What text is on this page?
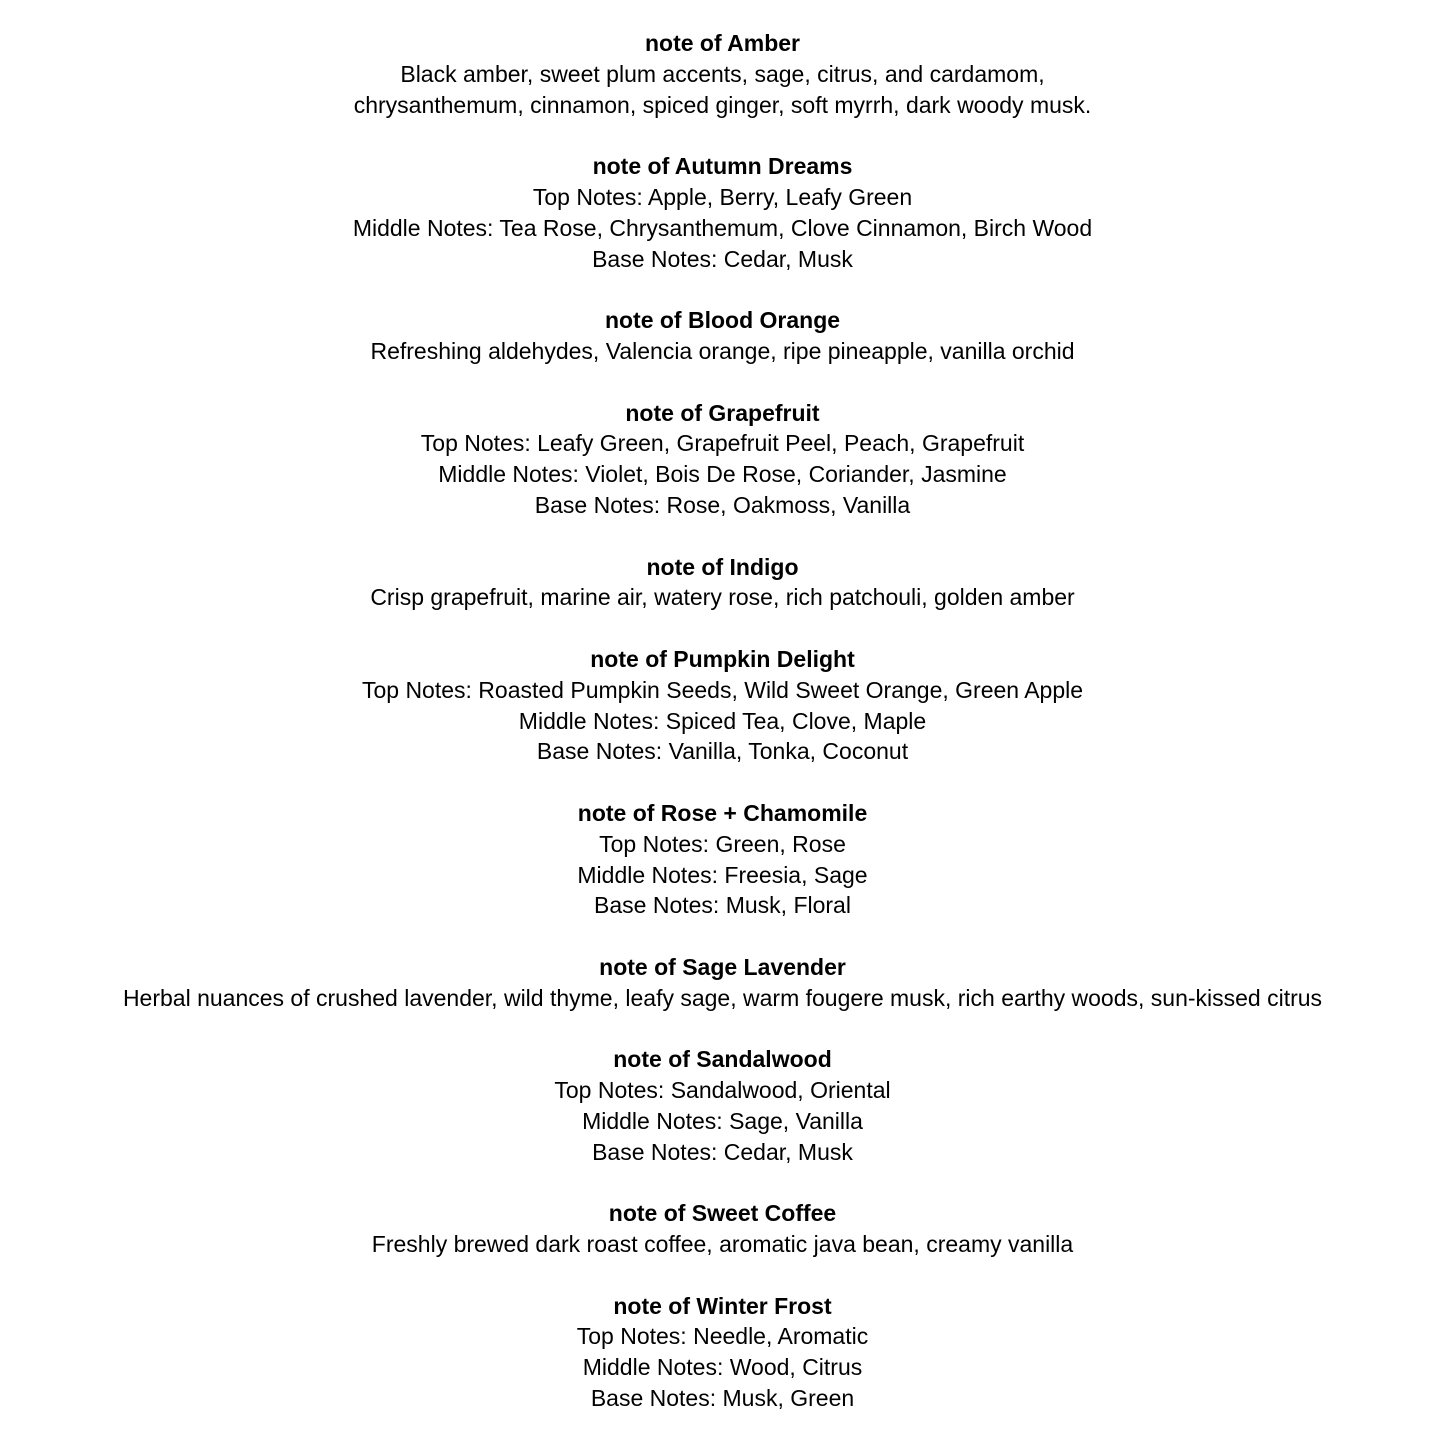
note of Amber

Black amber, sweet plum accents, sage, citrus, and cardamom,

chrysanthemum, cinnamon, spiced ginger, soft myrrh, dark woody musk.

note of Autumn Dreams

Top Notes: Apple, Berry, Leafy Green

Middle Notes: Tea Rose, Chrysanthemum, Clove Cinnamon, Birch Wood

Base Notes: Cedar, Musk

note of Blood Orange

Refreshing aldehydes, Valencia orange, ripe pineapple, vanilla orchid

note of Grapefruit

Top Notes: Leafy Green, Grapefruit Peel, Peach, Grapefruit

Middle Notes: Violet, Bois De Rose, Coriander, Jasmine

Base Notes: Rose, Oakmoss, Vanilla

note of Indigo

Crisp grapefruit, marine air, watery rose, rich patchouli, golden amber

note of Pumpkin Delight

Top Notes: Roasted Pumpkin Seeds, Wild Sweet Orange, Green Apple

Middle Notes: Spiced Tea, Clove, Maple

Base Notes: Vanilla, Tonka, Coconut

note of Rose + Chamomile

Top Notes: Green, Rose

Middle Notes: Freesia, Sage

Base Notes: Musk, Floral

note of Sage Lavender

Herbal nuances of crushed lavender, wild thyme, leafy sage, warm fougere musk, rich earthy woods, sun-kissed citrus

note of Sandalwood

Top Notes: Sandalwood, Oriental

Middle Notes: Sage, Vanilla

Base Notes: Cedar, Musk

note of Sweet Coffee

Freshly brewed dark roast coffee, aromatic java bean, creamy vanilla

note of Winter Frost

Top Notes: Needle, Aromatic

Middle Notes: Wood, Citrus

Base Notes: Musk, Green
